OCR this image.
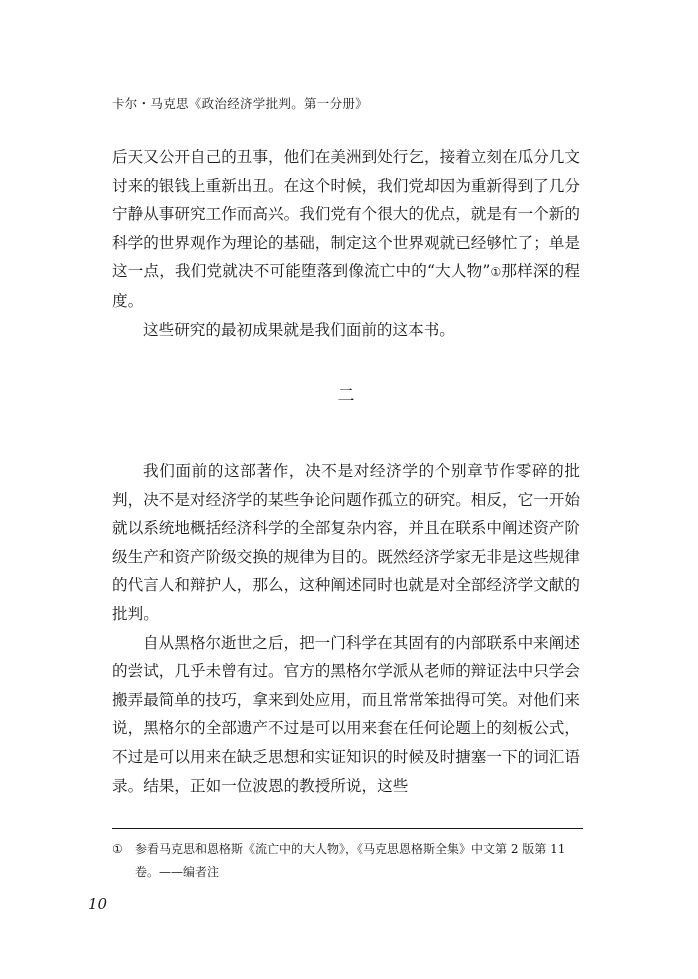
卡尔・马克思《政治经济学批判。第一分册》

后天又公开自己的丑事，他们在美洲到处行乞，接着立刻在瓜分几文讨来的银钱上重新出丑。在这个时候，我们党却因为重新得到了几分宁静从事研究工作而高兴。我们党有个很大的优点，就是有一个新的科学的世界观作为理论的基础，制定这个世界观就已经够忙了；单是这一点，我们党就决不可能堕落到像流亡中的“大人物”①那样深的程度。

这些研究的最初成果就是我们面前的这本书。

二

我们面前的这部著作，决不是对经济学的个别章节作零碎的批判，决不是对经济学的某些争论问题作孤立的研究。相反，它一开始就以系统地概括经济科学的全部复杂内容，并且在联系中阐述资产阶级生产和资产阶级交换的规律为目的。既然经济学家无非是这些规律的代言人和辩护人，那么，这种阐述同时也就是对全部经济学文献的批判。

自从黑格尔逝世之后，把一门科学在其固有的内部联系中来阐述的尝试，几乎未曾有过。官方的黑格尔学派从老师的辩证法中只学会搬弄最简单的技巧，拿来到处应用，而且常常笨拙得可笑。对他们来说，黑格尔的全部遗产不过是可以用来套在任何论题上的刻板公式，不过是可以用来在缺乏思想和实证知识的时候及时搪塞一下的词汇语录。结果，正如一位波恩的教授所说，这些

① 参看马克思和恩格斯《流亡中的大人物》，《马克思恩格斯全集》中文第 2 版第 11 卷。——编者注
10
